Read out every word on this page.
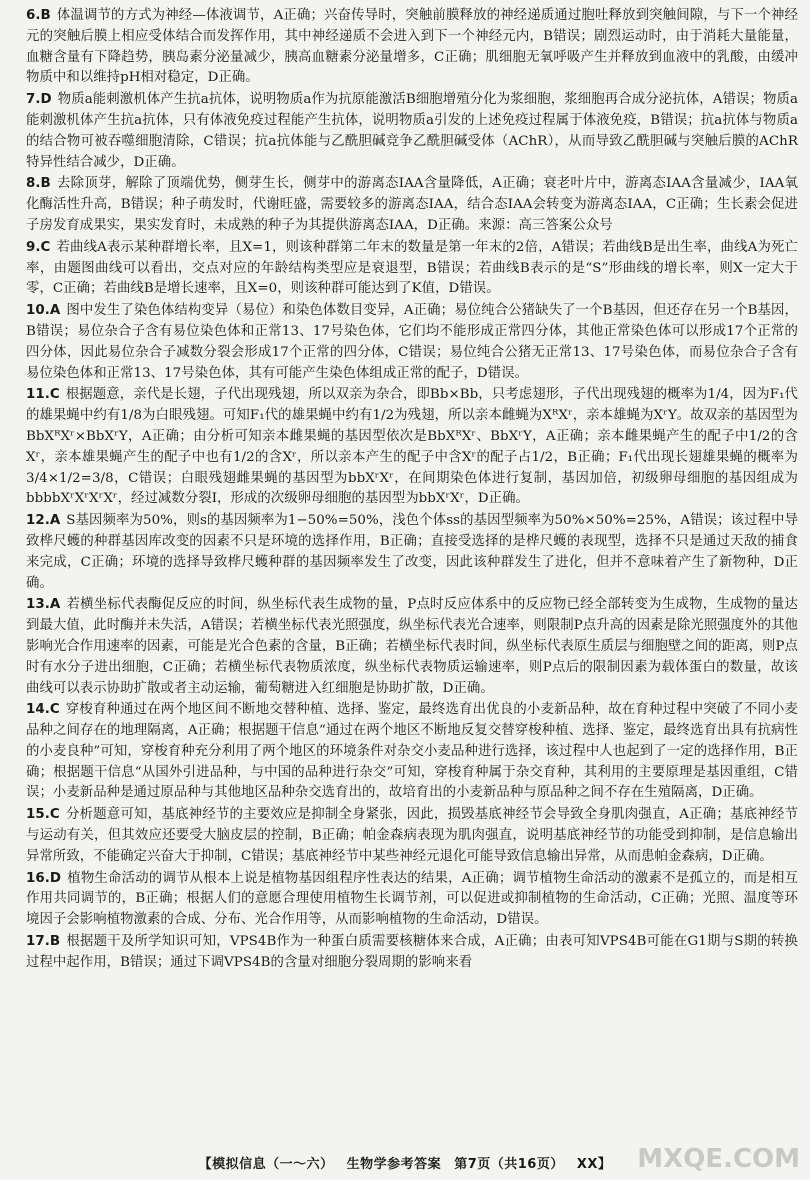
6.B 体温调节的方式为神经—体液调节，A正确；兴奋传导时，突触前膜释放的神经递质通过胞吐释放到突触间隙，与下一个神经元的突触后膜上相应受体结合而发挥作用，其中神经递质不会进入到下一个神经元内，B错误；剧烈运动时，由于消耗大量能量，血糖含量有下降趋势，胰岛素分泌量减少，胰高血糖素分泌量增多，C正确；肌细胞无氧呼吸产生并释放到血液中的乳酸，由缓冲物质中和以维持pH相对稳定，D正确。

7.D 物质a能刺激机体产生抗a抗体，说明物质a作为抗原能激活B细胞增殖分化为浆细胞，浆细胞再合成分泌抗体，A错误；物质a能刺激机体产生抗a抗体，只有体液免疫过程能产生抗体，说明物质a引发的上述免疫过程属于体液免疫，B错误；抗a抗体与物质a的结合物可被吞噬细胞清除，C错误；抗a抗体能与乙酰胆碱竞争乙酰胆碱受体（AChR），从而导致乙酰胆碱与突触后膜的AChR特异性结合减少，D正确。

8.B 去除顶芽，解除了顶端优势，侧芽生长，侧芽中的游离态IAA含量降低，A正确；衰老叶片中，游离态IAA含量减少，IAA氧化酶活性升高，B错误；种子萌发时，代谢旺盛，需要较多的游离态IAA，结合态IAA会转变为游离态IAA，C正确；生长素会促进子房发育成果实，果实发育时，未成熟的种子为其提供游离态IAA，D正确。来源：高三答案公众号

9.C 若曲线A表示某种群增长率，且X=1，则该种群第二年末的数量是第一年末的2倍，A错误；若曲线B是出生率，曲线A为死亡率，由题图曲线可以看出，交点对应的年龄结构类型应是衰退型，B错误；若曲线B表示的是“S”形曲线的增长率，则X一定大于零，C正确；若曲线B是增长速率，且X=0，则该种群可能达到了K值，D错误。

10.A 图中发生了染色体结构变异（易位）和染色体数目变异，A正确；易位纯合公猪缺失了一个B基因，但还存在另一个B基因，B错误；易位杂合子含有易位染色体和正常13、17号染色体，它们均不能形成正常四分体，其他正常染色体可以形成17个正常的四分体，因此易位杂合子减数分裂会形成17个正常的四分体，C错误；易位纯合公猪无正常13、17号染色体，而易位杂合子含有易位染色体和正常13、17号染色体，其有可能产生染色体组成正常的配子，D错误。

11.C 根据题意，亲代是长翅，子代出现残翅，所以双亲为杂合，即Bb×Bb，只考虑翅形，子代出现残翅的概率为1/4，因为F₁代的雄果蝇中约有1/8为白眼残翅。可知F₁代的雄果蝇中约有1/2为残翅，所以亲本雌蝇为XᴿXʳ，亲本雄蝇为XʳY。故双亲的基因型为BbXᴿXʳ×BbXʳY，A正确；由分析可知亲本雌果蝇的基因型依次是BbXᴿXʳ、BbXʳY，A正确；亲本雌果蝇产生的配子中1/2的含Xʳ，亲本雄果蝇产生的配子中也有1/2的含Xʳ，所以亲本产生的配子中含Xʳ的配子占1/2，B正确；F₁代出现长翅雄果蝇的概率为3/4×1/2=3/8，C错误；白眼残翅雌果蝇的基因型为bbXʳXʳ，在间期染色体进行复制，基因加倍，初级卵母细胞的基因组成为bbbbXʳXʳXʳXʳ，经过减数分裂Ⅰ，形成的次级卵母细胞的基因型为bbXʳXʳ，D正确。

12.A S基因频率为50%，则s的基因频率为1−50%=50%，浅色个体ss的基因型频率为50%×50%=25%，A错误；该过程中导致桦尺蠖的种群基因库改变的因素不只是环境的选择作用，B正确；直接受选择的是桦尺蠖的表现型，选择不只是通过天敌的捕食来完成，C正确；环境的选择导致桦尺蠖种群的基因频率发生了改变，因此该种群发生了进化，但并不意味着产生了新物种，D正确。

13.A 若横坐标代表酶促反应的时间，纵坐标代表生成物的量，P点时反应体系中的反应物已经全部转变为生成物，生成物的量达到最大值，此时酶并未失活，A错误；若横坐标代表光照强度，纵坐标代表光合速率，则限制P点升高的因素是除光照强度外的其他影响光合作用速率的因素，可能是光合色素的含量，B正确；若横坐标代表时间，纵坐标代表原生质层与细胞壁之间的距离，则P点时有水分子进出细胞，C正确；若横坐标代表物质浓度，纵坐标代表物质运输速率，则P点后的限制因素为载体蛋白的数量，故该曲线可以表示协助扩散或者主动运输，葡萄糖进入红细胞是协助扩散，D正确。

14.C 穿梭育种通过在两个地区间不断地交替种植、选择、鉴定，最终选育出优良的小麦新品种，故在育种过程中突破了不同小麦品种之间存在的地理隔离，A正确；根据题干信息“通过在两个地区不断地反复交替穿梭种植、选择、鉴定，最终选育出具有抗病性的小麦良种”可知，穿梭育种充分利用了两个地区的环境条件对杂交小麦品种进行选择，该过程中人也起到了一定的选择作用，B正确；根据题干信息“从国外引进品种，与中国的品种进行杂交”可知，穿梭育种属于杂交育种，其利用的主要原理是基因重组，C错误；小麦新品种是通过原品种与其他地区品种杂交选育出的，故培育出的小麦新品种与原品种之间不存在生殖隔离，D正确。

15.C 分析题意可知，基底神经节的主要效应是抑制全身紧张，因此，损毁基底神经节会导致全身肌肉强直，A正确；基底神经节与运动有关，但其效应还要受大脑皮层的控制，B正确；帕金森病表现为肌肉强直，说明基底神经节的功能受到抑制，是信息输出异常所致，不能确定兴奋大于抑制，C错误；基底神经节中某些神经元退化可能导致信息输出异常，从而患帕金森病，D正确。

16.D 植物生命活动的调节从根本上说是植物基因组程序性表达的结果，A正确；调节植物生命活动的激素不是孤立的，而是相互作用共同调节的，B正确；根据人们的意愿合理使用植物生长调节剂，可以促进或抑制植物的生命活动，C正确；光照、温度等环境因子会影响植物激素的合成、分布、光合作用等，从而影响植物的生命活动，D错误。

17.B 根据题干及所学知识可知，VPS4B作为一种蛋白质需要核糖体来合成，A正确；由表可知VPS4B可能在G1期与S期的转换过程中起作用，B错误；通过下调VPS4B的含量对细胞分裂周期的影响来看

【模拟信息（一～六） 生物学参考答案 第7页（共16页） XX】 MXQE.COM
